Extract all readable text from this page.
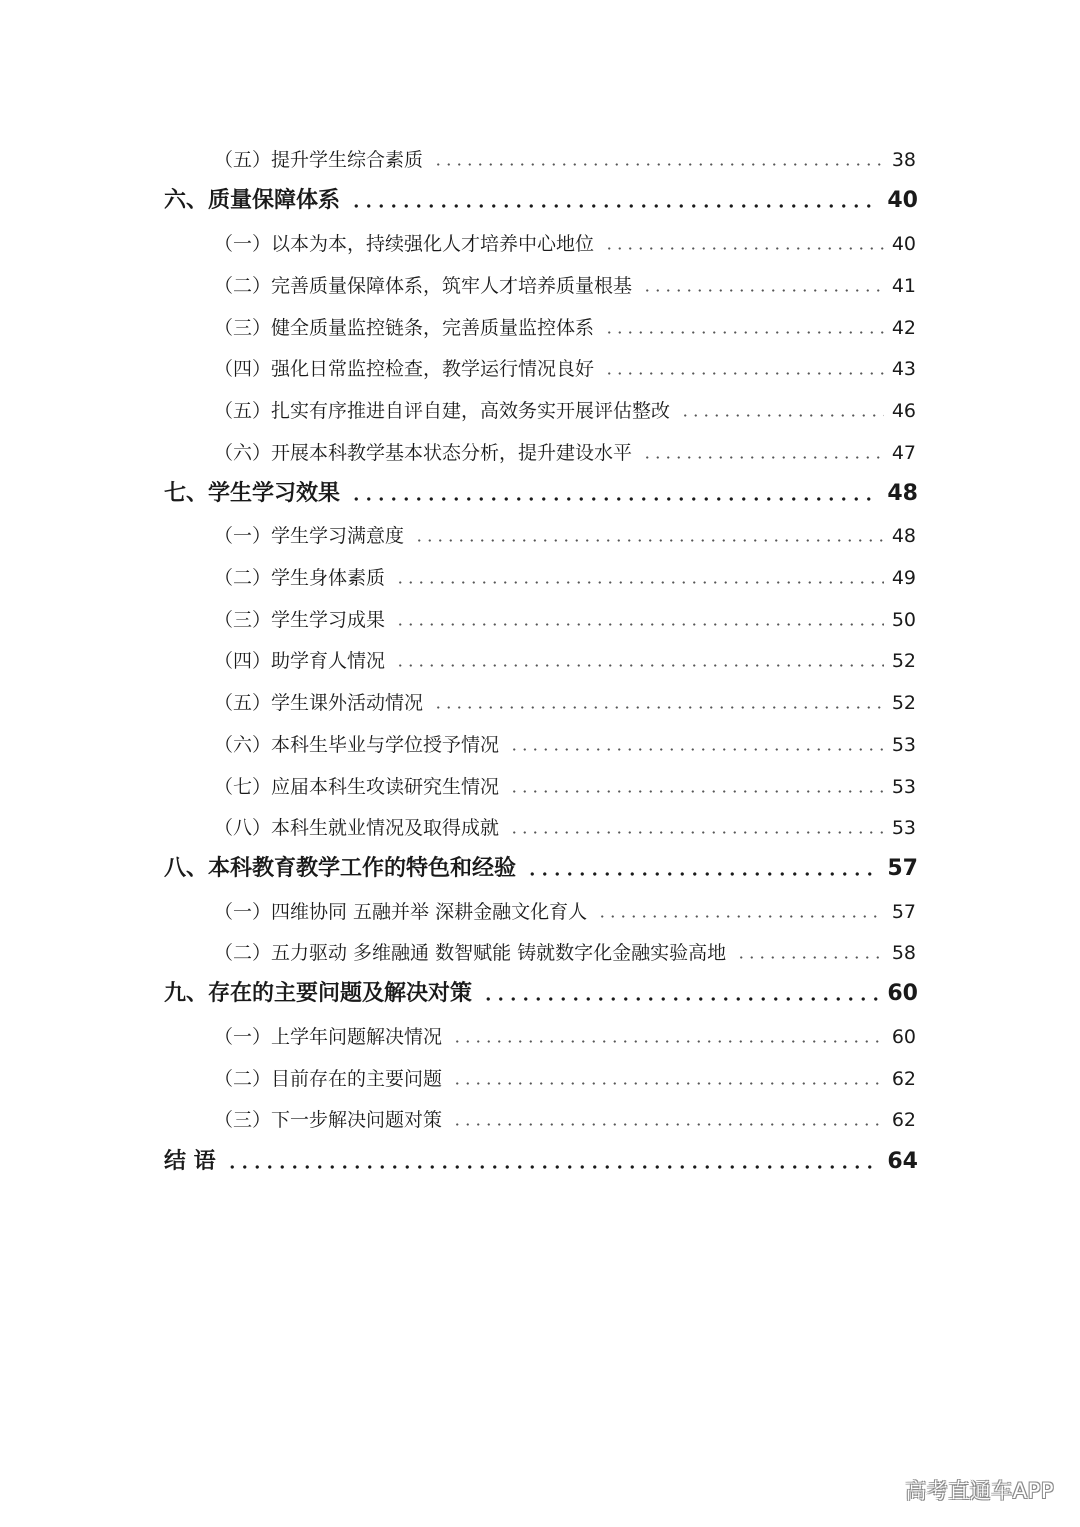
（五）提升学生综合素质	38
六、质量保障体系	40
（一）以本为本，持续强化人才培养中心地位	40
（二）完善质量保障体系，筑牢人才培养质量根基	41
（三）健全质量监控链条，完善质量监控体系	42
（四）强化日常监控检查，教学运行情况良好	43
（五）扎实有序推进自评自建，高效务实开展评估整改	46
（六）开展本科教学基本状态分析，提升建设水平	47
七、学生学习效果	48
（一）学生学习满意度	48
（二）学生身体素质	49
（三）学生学习成果	50
（四）助学育人情况	52
（五）学生课外活动情况	52
（六）本科生毕业与学位授予情况	53
（七）应届本科生攻读研究生情况	53
（八）本科生就业情况及取得成就	53
八、本科教育教学工作的特色和经验	57
（一）四维协同 五融并举 深耕金融文化育人	57
（二）五力驱动 多维融通 数智赋能 铸就数字化金融实验高地	58
九、存在的主要问题及解决对策	60
（一）上学年问题解决情况	60
（二）目前存在的主要问题	62
（三）下一步解决问题对策	62
结 语	64
高考直通车APP
